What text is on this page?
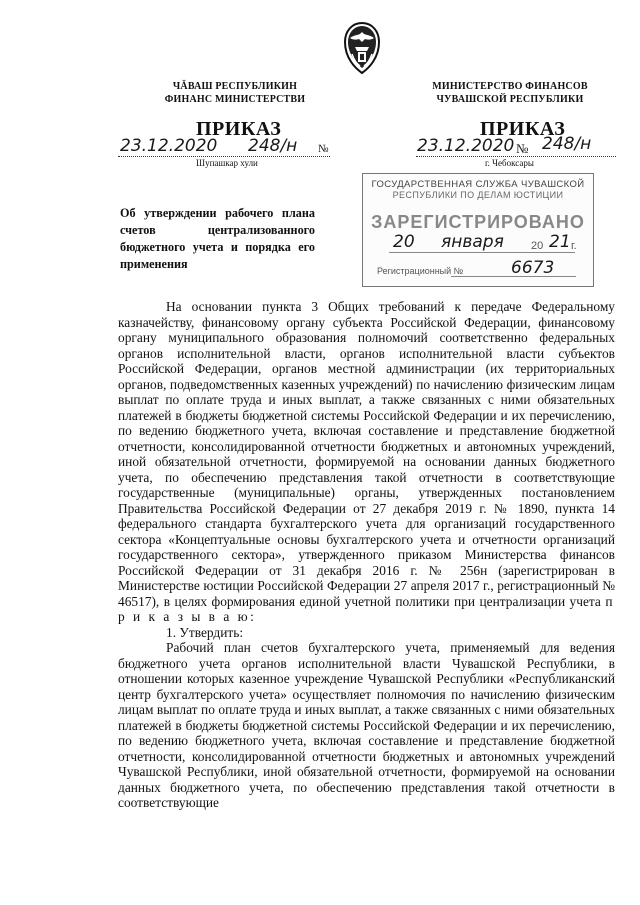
ЧĂВАШ РЕСПУБЛИКИН
ФИНАНС МИНИСТЕРСТВИ
МИНИСТЕРСТВО ФИНАНСОВ
ЧУВАШСКОЙ РЕСПУБЛИКИ
ПРИКАЗ	ПРИКАЗ
23.12.2020 248/н №
Шупашкар хули
23.12.2020 № 248/н
г. Чебоксары
ГОСУДАРСТВЕННАЯ СЛУЖБА ЧУВАШСКОЙ
РЕСПУБЛИКИ ПО ДЕЛАМ ЮСТИЦИИ
ЗАРЕГИСТРИРОВАНО
20 января 20 21 г.
Регистрационный №	6673
Об утверждении рабочего плана счетов централизованного бюджетного учета и порядка его применения

На основании пункта 3 Общих требований к передаче Федеральному казначейству, финансовому органу субъекта Российской Федерации, финансовому органу муниципального образования полномочий соответственно федеральных органов исполнительной власти, органов исполнительной власти субъектов Российской Федерации, органов местной администрации (их территориальных органов, подведомственных казенных учреждений) по начислению физическим лицам выплат по оплате труда и иных выплат, а также связанных с ними обязательных платежей в бюджеты бюджетной системы Российской Федерации и их перечислению, по ведению бюджетного учета, включая составление и представление бюджетной отчетности, консолидированной отчетности бюджетных и автономных учреждений, иной обязательной отчетности, формируемой на основании данных бюджетного учета, по обеспечению представления такой отчетности в соответствующие государственные (муниципальные) органы, утвержденных постановлением Правительства Российской Федерации от 27 декабря 2019 г. № 1890, пункта 14 федерального стандарта бухгалтерского учета для организаций государственного сектора «Концептуальные основы бухгалтерского учета и отчетности организаций государственного сектора», утвержденного приказом Министерства финансов Российской Федерации от 31 декабря 2016 г. № 256н (зарегистрирован в Министерстве юстиции Российской Федерации 27 апреля 2017 г., регистрационный № 46517), в целях формирования единой учетной политики при централизации учета п р и к а з ы в а ю:

1. Утвердить:

Рабочий план счетов бухгалтерского учета, применяемый для ведения бюджетного учета органов исполнительной власти Чувашской Республики, в отношении которых казенное учреждение Чувашской Республики «Республиканский центр бухгалтерского учета» осуществляет полномочия по начислению физическим лицам выплат по оплате труда и иных выплат, а также связанных с ними обязательных платежей в бюджеты бюджетной системы Российской Федерации и их перечислению, по ведению бюджетного учета, включая составление и представление бюджетной отчетности, консолидированной отчетности бюджетных и автономных учреждений Чувашской Республики, иной обязательной отчетности, формируемой на основании данных бюджетного учета, по обеспечению представления такой отчетности в соответствующие
